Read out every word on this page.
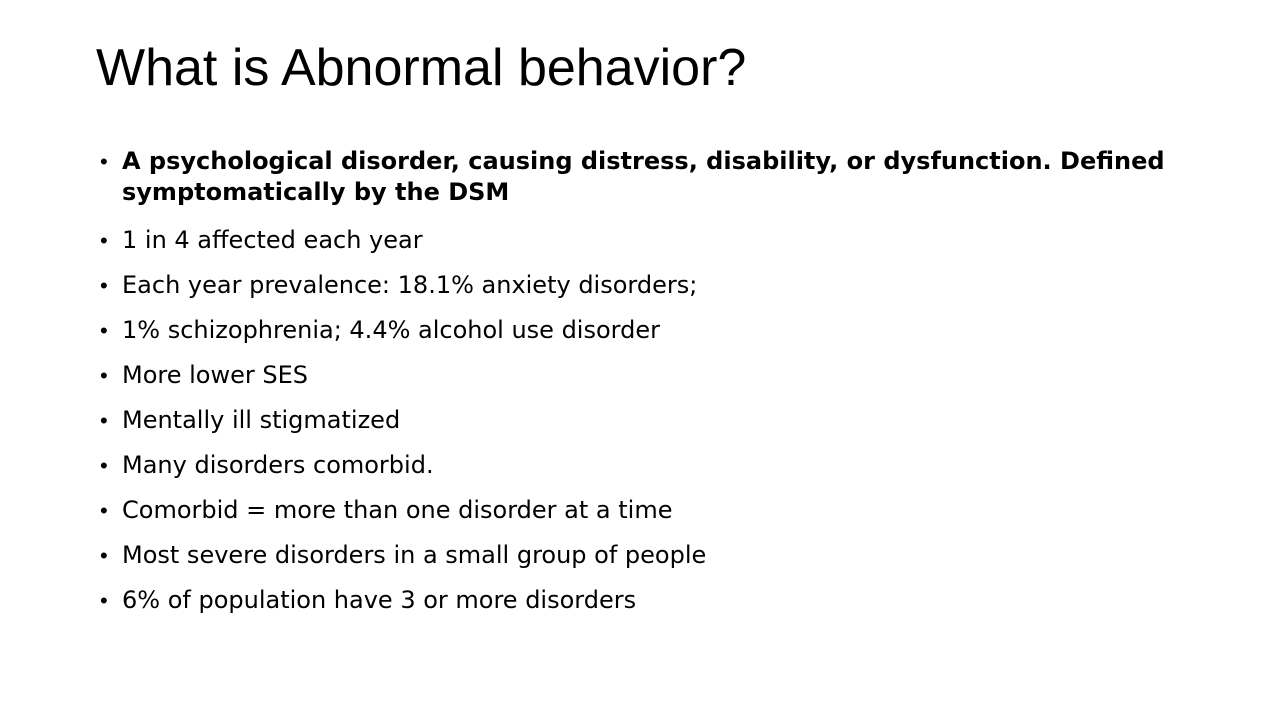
What is Abnormal behavior?
• A psychological disorder, causing distress, disability, or dysfunction. Defined symptomatically by the DSM
• 1 in 4 affected each year
• Each year prevalence: 18.1% anxiety disorders;
• 1% schizophrenia; 4.4% alcohol use disorder
• More lower SES
• Mentally ill stigmatized
• Many disorders comorbid.
• Comorbid = more than one disorder at a time
• Most severe disorders in a small group of people
• 6% of population have 3 or more disorders
